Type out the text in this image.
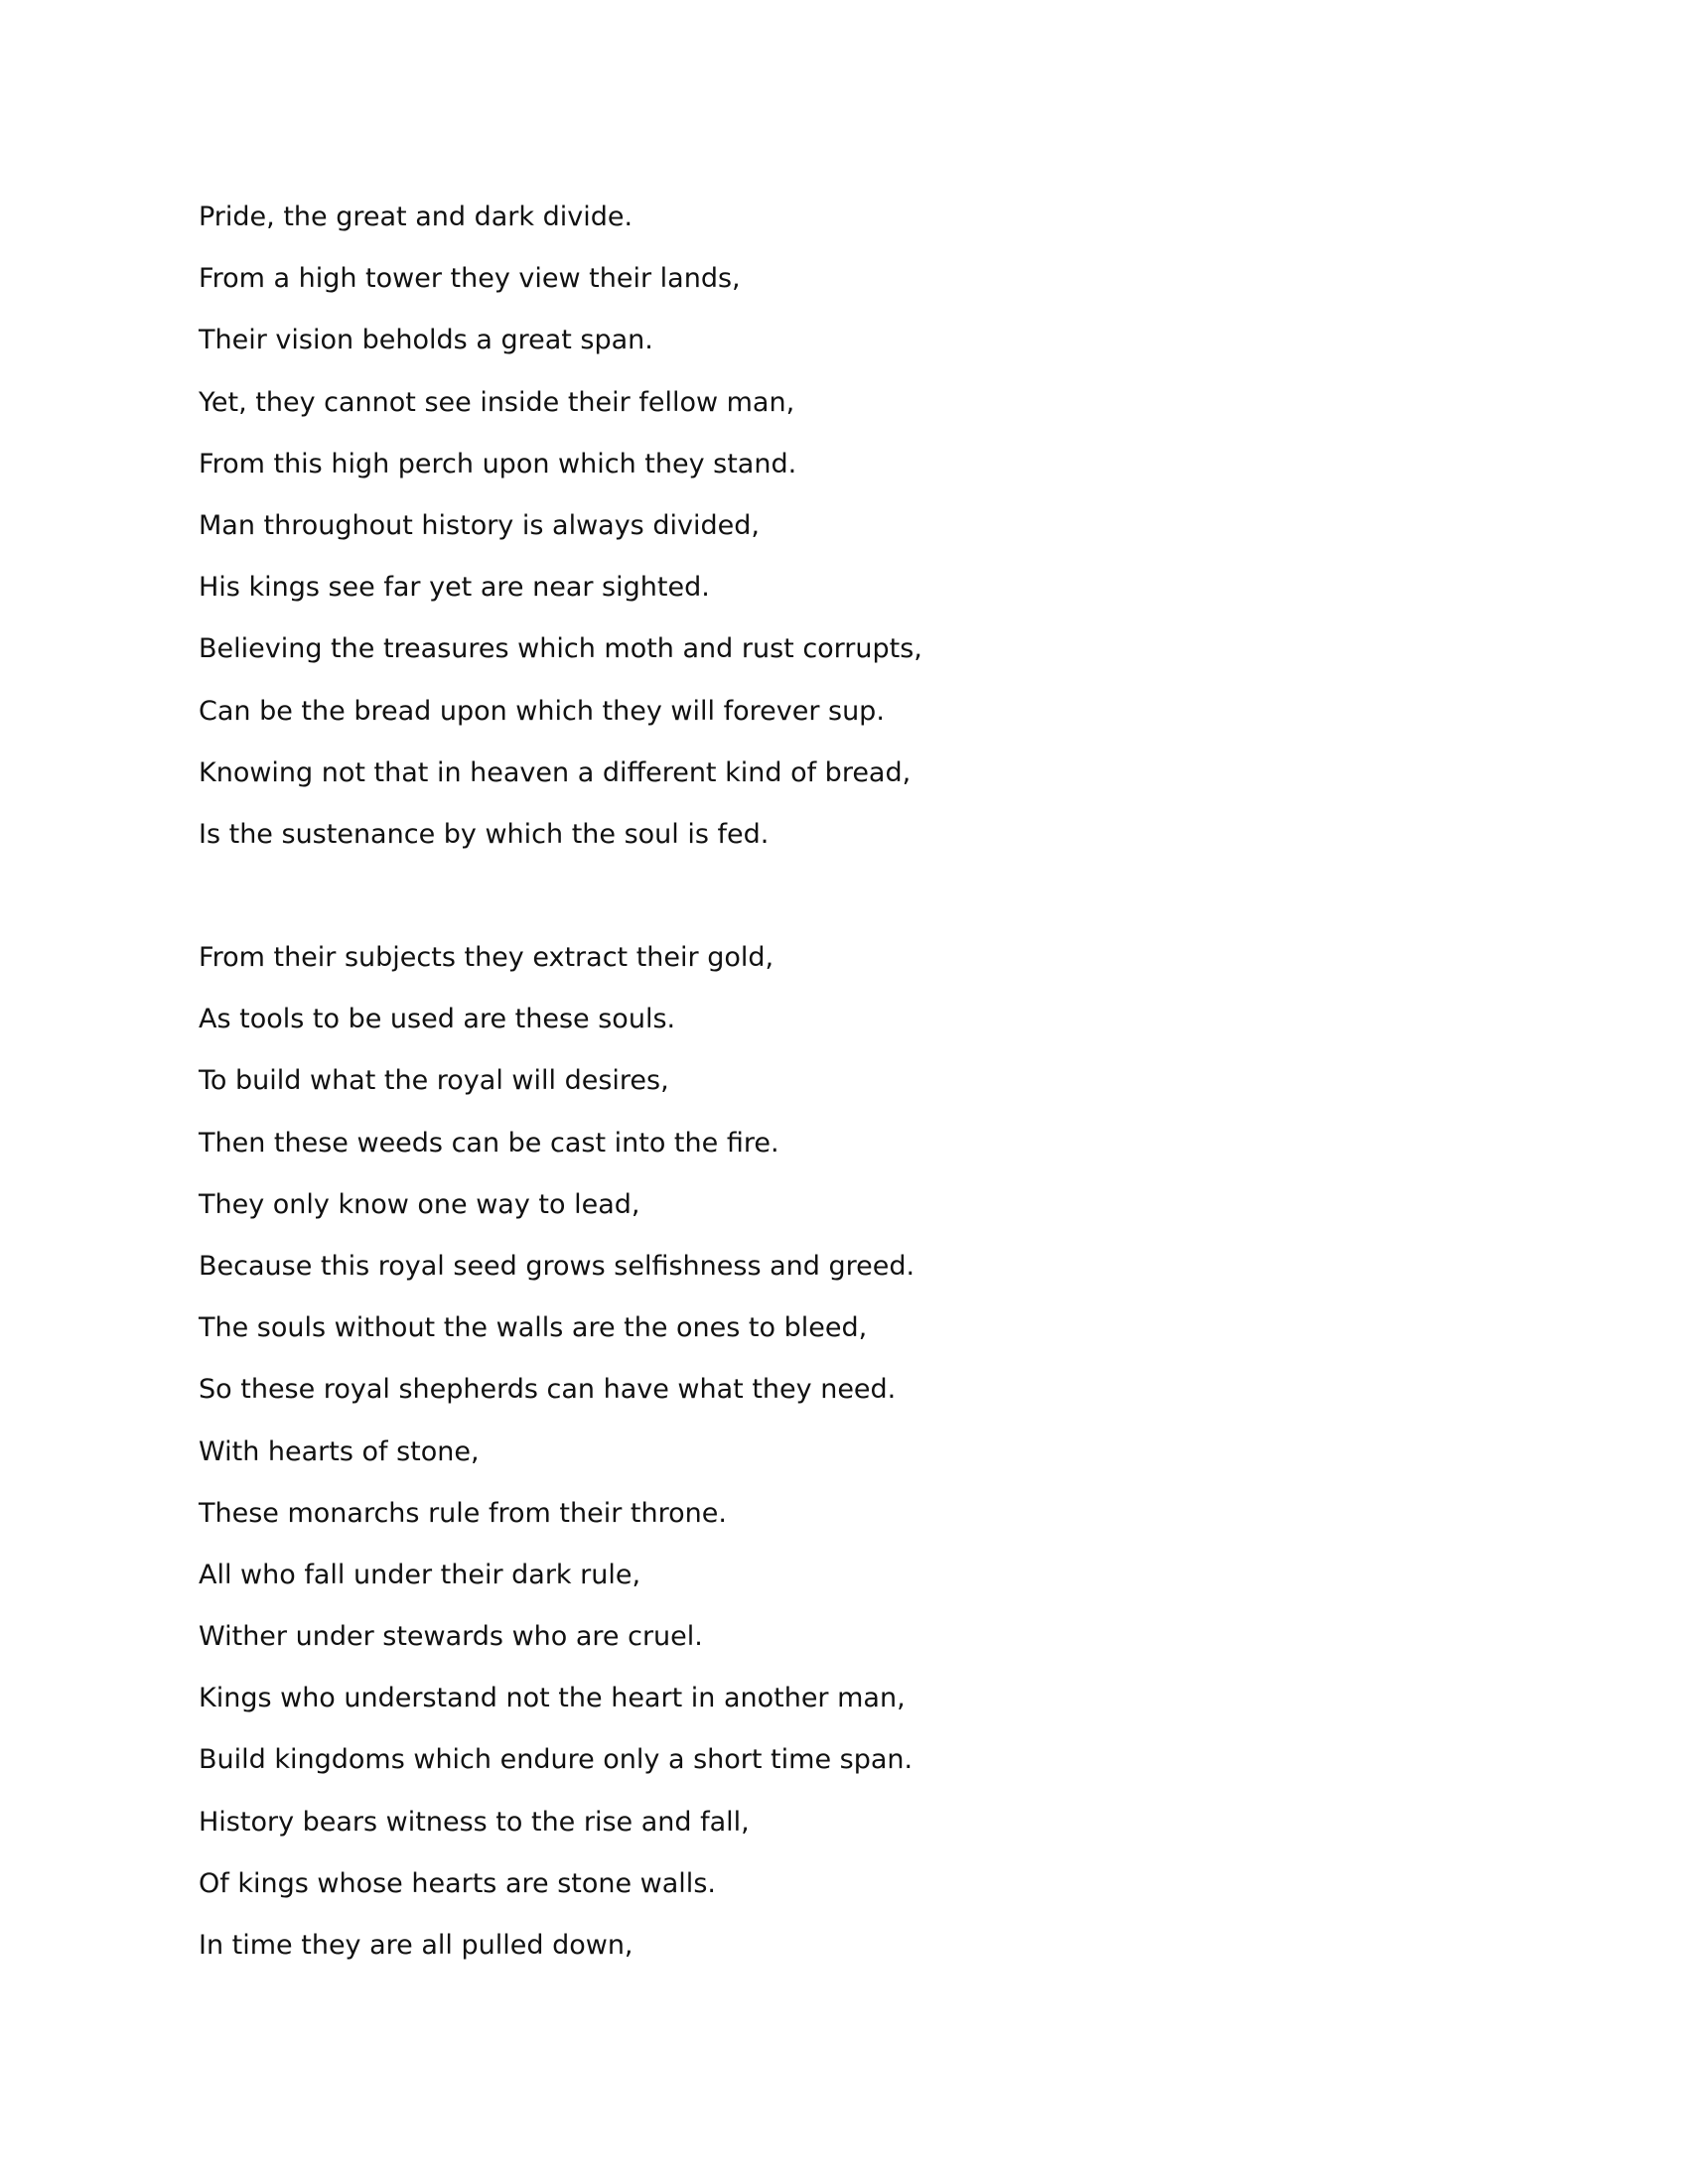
Pride, the great and dark divide.
From a high tower they view their lands,
Their vision beholds a great span.
Yet, they cannot see inside their fellow man,
From this high perch upon which they stand.
Man throughout history is always divided,
His kings see far yet are near sighted.
Believing the treasures which moth and rust corrupts,
Can be the bread upon which they will forever sup.
Knowing not that in heaven a different kind of bread,
Is the sustenance by which the soul is fed.
From their subjects they extract their gold,
As tools to be used are these souls.
To build what the royal will desires,
Then these weeds can be cast into the fire.
They only know one way to lead,
Because this royal seed grows selfishness and greed.
The souls without the walls are the ones to bleed,
So these royal shepherds can have what they need.
With hearts of stone,
These monarchs rule from their throne.
All who fall under their dark rule,
Wither under stewards who are cruel.
Kings who understand not the heart in another man,
Build kingdoms which endure only a short time span.
History bears witness to the rise and fall,
Of kings whose hearts are stone walls.
In time they are all pulled down,
